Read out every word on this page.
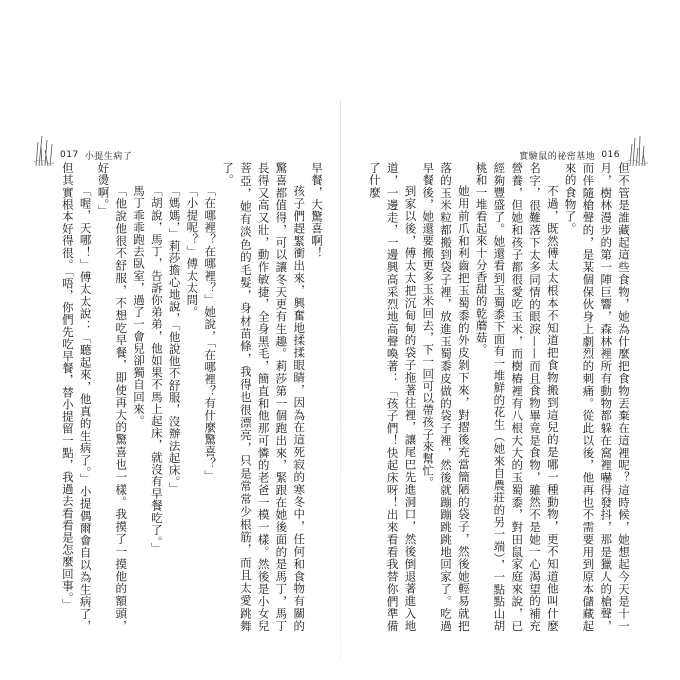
017 小提生病了	實驗鼠的祕密基地 016

但不管是誰藏起這些食物，她為什麼把食物丟棄在這裡呢？這時候，她想起今天是十一月，樹林漫步的第一陣巨響，森林裡所有動物都躲在窩裡嚇得發抖，那是獵人的槍聲，而伴隨槍聲的，是某個保伙身上劇烈的刺痛。從此以後，他再也不需要用到原本儲藏起來的食物了。

不過，既然傅太太根本不知道把食物搬到這兒的是哪一種動物，更不知道他叫什麼名字，很難落下太多同情的眼淚——而且食物畢竟是食物，雖然不是她一心渴望的補充營養，但她和孩子都很愛吃玉米，而樹樁裡有八根大大的玉蜀黍，對田鼠家庭來說，已經夠豐盛了。她還看到玉蜀黍下面有一堆鮮的花生（她來自農莊的另一端），一點點山胡桃和一堆看起來十分香甜的乾蘑菇。

她用前爪和利齒把玉蜀黍的外皮剝下來，對摺後充當簡陋的袋子，然後她輕易就把落的玉米粒都搬到袋子裡，放進玉蜀黍皮做的袋子裡，然後就蹦蹦跳跳地回家了。吃過早餐後，她還要搬更多玉米回去，下一回可以帶孩子來幫忙。

到家以後，傅太太把沉甸甸的袋子拖著往裡，讓尾巴先進洞口，然後倒退著進入地道，一邊走，一邊興高采烈地高聲喚著：「孩子們！快起床呀！出來看看我替你們準備了什麼

早餐，大驚喜啊！

孩子們趕緊衝出來，興奮地揉揉眼睛，因為在這死寂的寒冬中，任何和食物有關的驚喜都值得，可以讓冬天更有生趣。莉莎第一個跑出來，緊跟在她後面的是馬丁，馬丁長得又高又壯，動作敏捷，全身黑毛，簡直和他那可憐的老爸一模一樣。然後是小女兒菩亞，她有淡色的毛髮，身材苗條，我得也很漂亮，只是常常少根筋，而且太愛跳舞了。

「在哪裡？在哪裡？」她說，「在哪裡？有什麼驚喜？」

「小提呢？」傅太太問。

「媽媽，」莉莎擔心地說，「他說他不舒服，沒辦法起床。」

「胡說，馬丁，告訴你弟弟，他如果不馬上起床，就沒有早餐吃了。」

馬丁乖乖跑去臥室，過了一會兒卻獨自回來。

「他說他很不舒服，不想吃早餐，即使再大的驚喜也一樣。我摸了一摸他的額頭，好燙啊。」

「喔，天哪！」傅太太說：「聽起來，他真的生病了。」小提偶爾會自以為生病了，但其實根本好得很。「唔，你們先吃早餐，替小提留一點，我過去看看是怎麼回事。」
